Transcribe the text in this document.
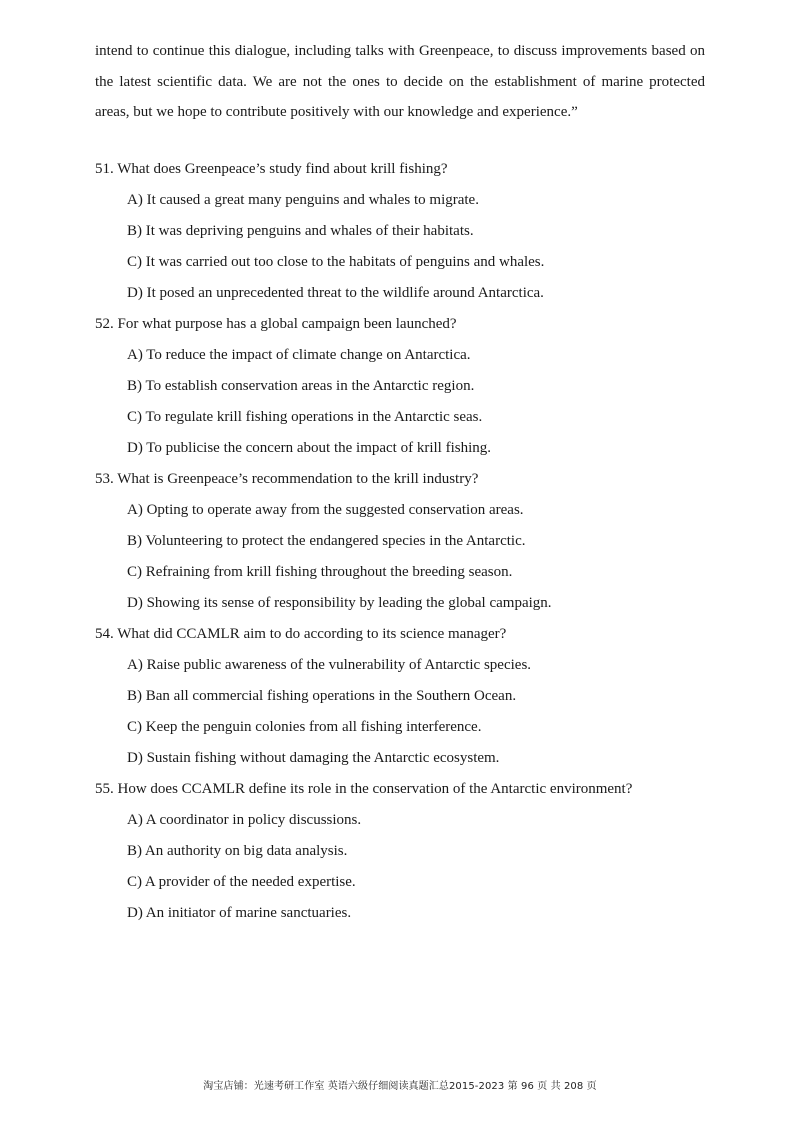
intend to continue this dialogue, including talks with Greenpeace, to discuss improvements based on the latest scientific data. We are not the ones to decide on the establishment of marine protected areas, but we hope to contribute positively with our knowledge and experience.”

51. What does Greenpeace’s study find about krill fishing?
A) It caused a great many penguins and whales to migrate.
B) It was depriving penguins and whales of their habitats.
C) It was carried out too close to the habitats of penguins and whales.
D) It posed an unprecedented threat to the wildlife around Antarctica.
52. For what purpose has a global campaign been launched?
A) To reduce the impact of climate change on Antarctica.
B) To establish conservation areas in the Antarctic region.
C) To regulate krill fishing operations in the Antarctic seas.
D) To publicise the concern about the impact of krill fishing.
53. What is Greenpeace’s recommendation to the krill industry?
A) Opting to operate away from the suggested conservation areas.
B) Volunteering to protect the endangered species in the Antarctic.
C) Refraining from krill fishing throughout the breeding season.
D) Showing its sense of responsibility by leading the global campaign.
54. What did CCAMLR aim to do according to its science manager?
A) Raise public awareness of the vulnerability of Antarctic species.
B) Ban all commercial fishing operations in the Southern Ocean.
C) Keep the penguin colonies from all fishing interference.
D) Sustain fishing without damaging the Antarctic ecosystem.
55. How does CCAMLR define its role in the conservation of the Antarctic environment?
A) A coordinator in policy discussions.
B) An authority on big data analysis.
C) A provider of the needed expertise.
D) An initiator of marine sanctuaries.
淘宝店铺：光速考研工作室 英语六级仔细阅读真题汇总2015-2023 第 96 页 共 208 页
